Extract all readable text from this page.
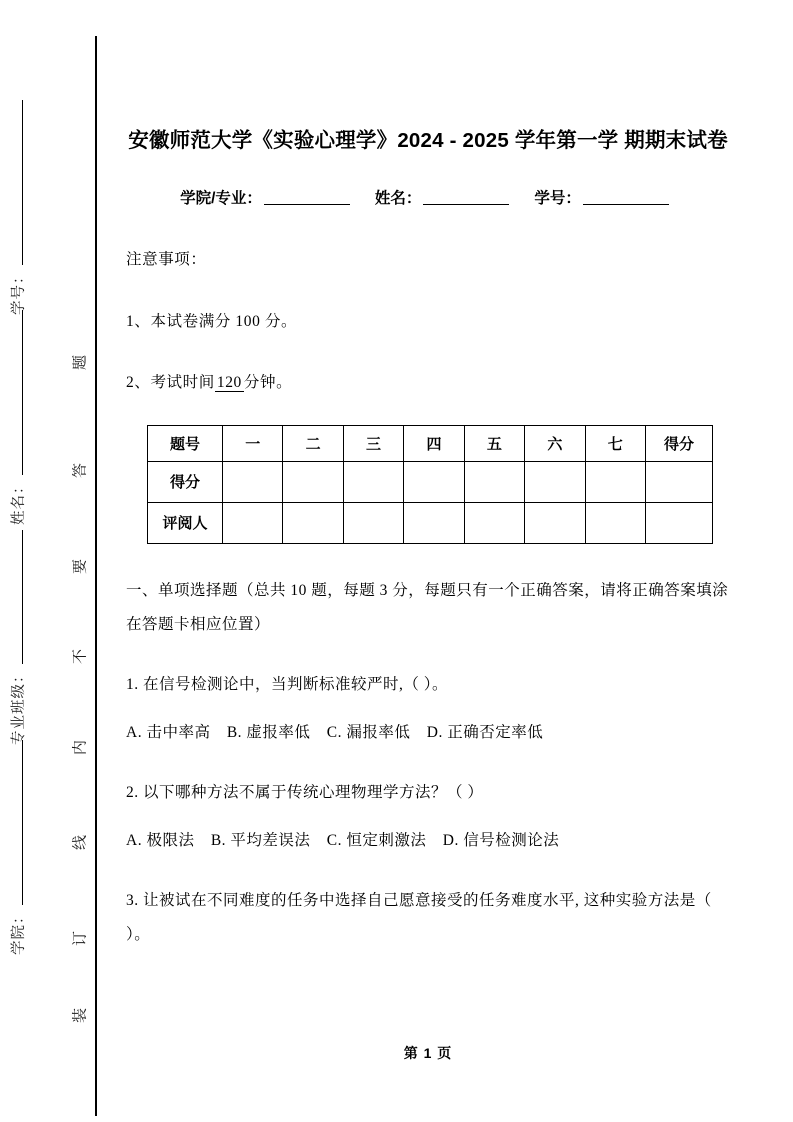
学号：
姓名：
专业班级：
学院：
题
答
要
不
内
线
订
装
安徽师范大学《实验心理学》2024 - 2025 学年第一学 期期末试卷
学院/专业：	姓名：	学号：
注意事项：
1、本试卷满分 100 分。
2、考试时间 120 分钟。
题号	一	二	三	四	五	六	七	得分
得分								
评阅人								
一、单项选择题（总共 10 题，每题 3 分，每题只有一个正确答案，请将正确答案填涂在答题卡相应位置）

1. 在信号检测论中，当判断标准较严时,（ ）。

A. 击中率高 B. 虚报率低 C. 漏报率低 D. 正确否定率低

2. 以下哪种方法不属于传统心理物理学方法？（ ）

A. 极限法 B. 平均差误法 C. 恒定刺激法 D. 信号检测论法

3. 让被试在不同难度的任务中选择自己愿意接受的任务难度水平, 这种实验方法是（ ）。

第 1 页
